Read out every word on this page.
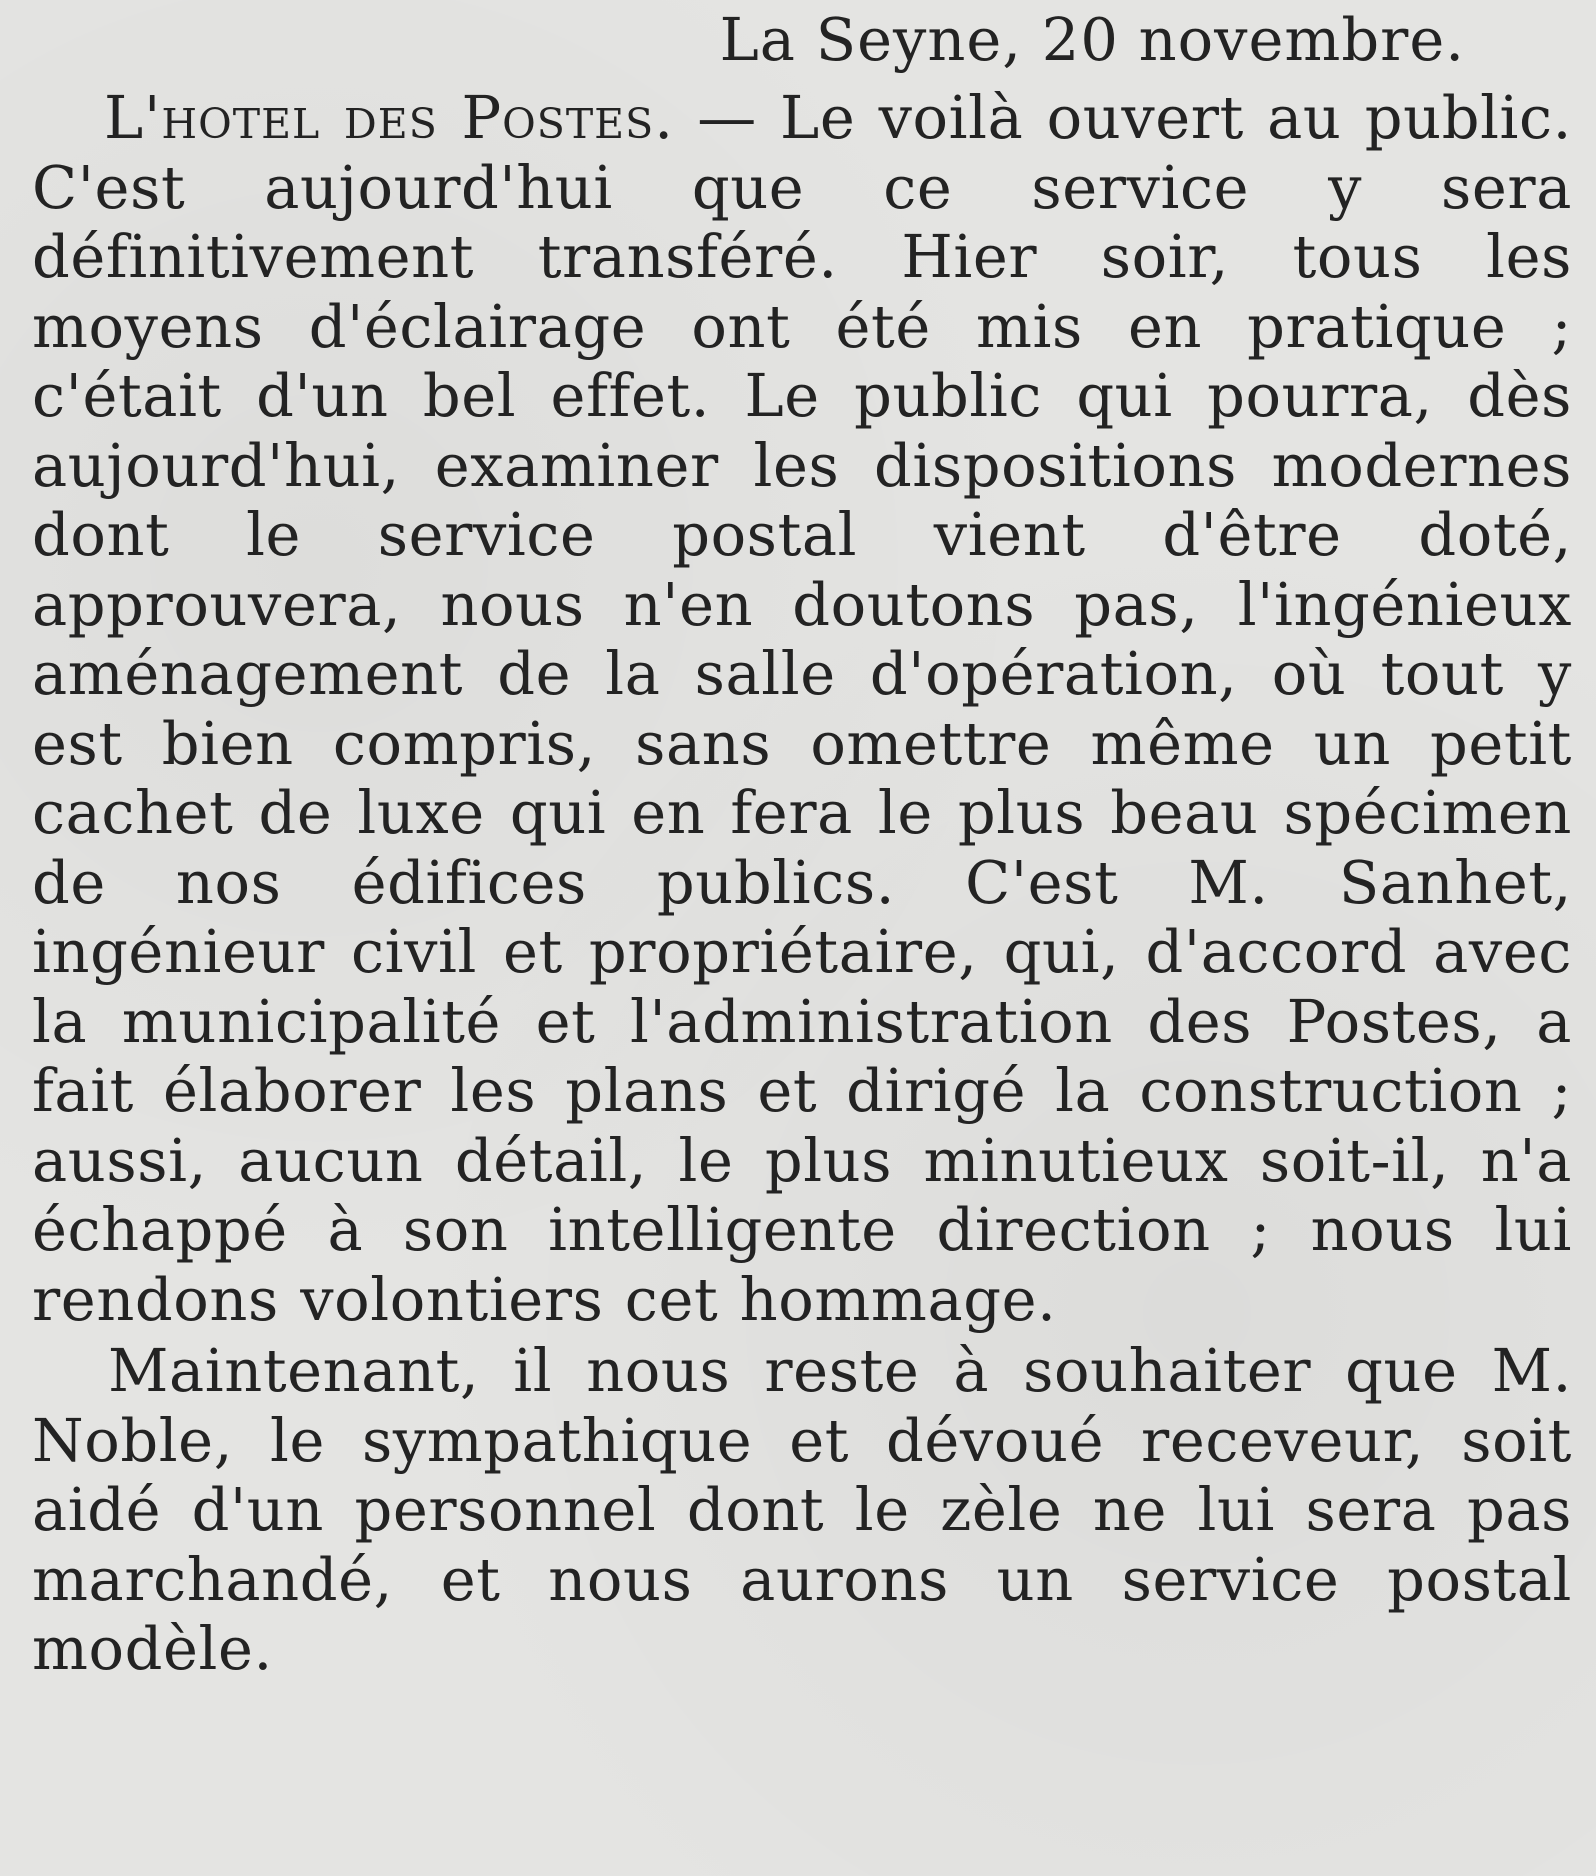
La Seyne, 20 novembre.

L'hotel des Postes. — Le voilà ouvert au public. C'est aujourd'hui que ce service y sera définitivement transféré. Hier soir, tous les moyens d'éclairage ont été mis en pratique ; c'était d'un bel effet. Le public qui pourra, dès aujourd'hui, examiner les dispositions modernes dont le service postal vient d'être doté, approuvera, nous n'en doutons pas, l'ingénieux aménagement de la salle d'opération, où tout y est bien compris, sans omettre même un petit cachet de luxe qui en fera le plus beau spécimen de nos édifices publics. C'est M. Sanhet, ingénieur civil et propriétaire, qui, d'accord avec la municipalité et l'administration des Postes, a fait élaborer les plans et dirigé la construction ; aussi, aucun détail, le plus minutieux soit-il, n'a échappé à son intelligente direction ; nous lui rendons volontiers cet hommage.

Maintenant, il nous reste à souhaiter que M. Noble, le sympathique et dévoué receveur, soit aidé d'un personnel dont le zèle ne lui sera pas marchandé, et nous aurons un service postal modèle.
